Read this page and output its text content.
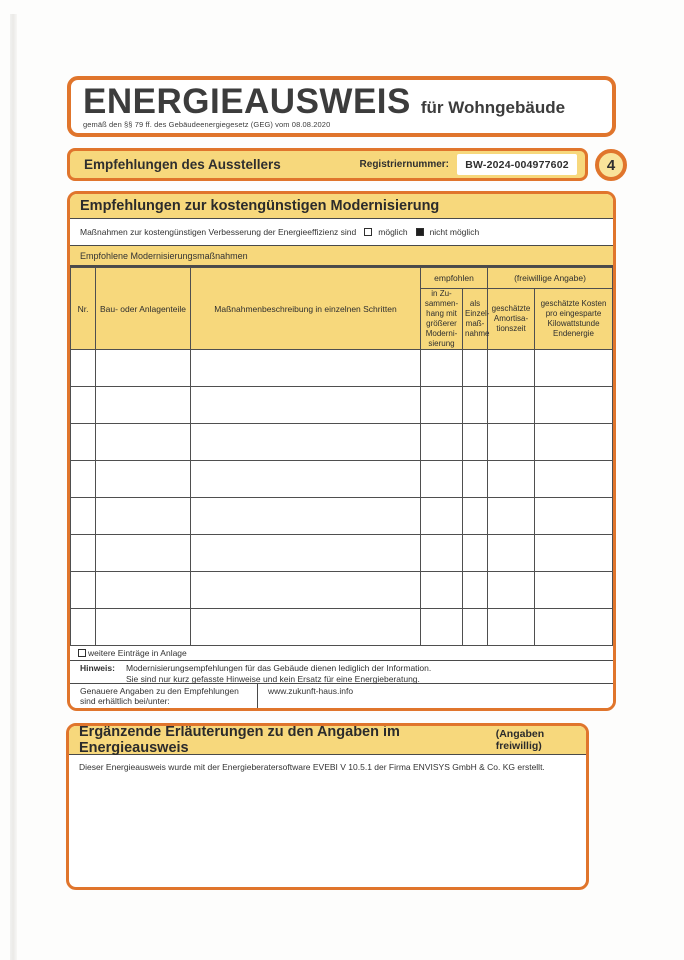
ENERGIEAUSWEIS für Wohngebäude
gemäß den §§ 79 ff. des Gebäudeenergiegesetz (GEG) vom 08.08.2020
Empfehlungen des Ausstellers	Registriernummer:	BW-2024-004977602	4
Empfehlungen zur kostengünstigen Modernisierung
Maßnahmen zur kostengünstigen Verbesserung der Energieeffizienz sind	möglich	nicht möglich
Empfohlene Modernisierungsmaßnahmen
Nr.	Bau- oder Anlagenteile	Maßnahmenbeschreibung in einzelnen Schritten	empfohlen		(freiwillige Angabe)	
			in Zu-sammen-hang mit größerer Moderni-sierung	als Einzel-maß-nahme	geschätzte Amortisa-tionszeit	geschätzte Kosten pro eingesparte Kilowattstunde Endenergie

weitere Einträge in Anlage
Hinweis:	Modernisierungsempfehlungen für das Gebäude dienen lediglich der Information.
Sie sind nur kurz gefasste Hinweise und kein Ersatz für eine Energieberatung.
Genauere Angaben zu den Empfehlungen sind erhältlich bei/unter:
www.zukunft-haus.info
Ergänzende Erläuterungen zu den Angaben im Energieausweis
(Angaben freiwillig)
Dieser Energieausweis wurde mit der Energieberatersoftware EVEBI V 10.5.1 der Firma ENVISYS GmbH & Co. KG erstellt.
